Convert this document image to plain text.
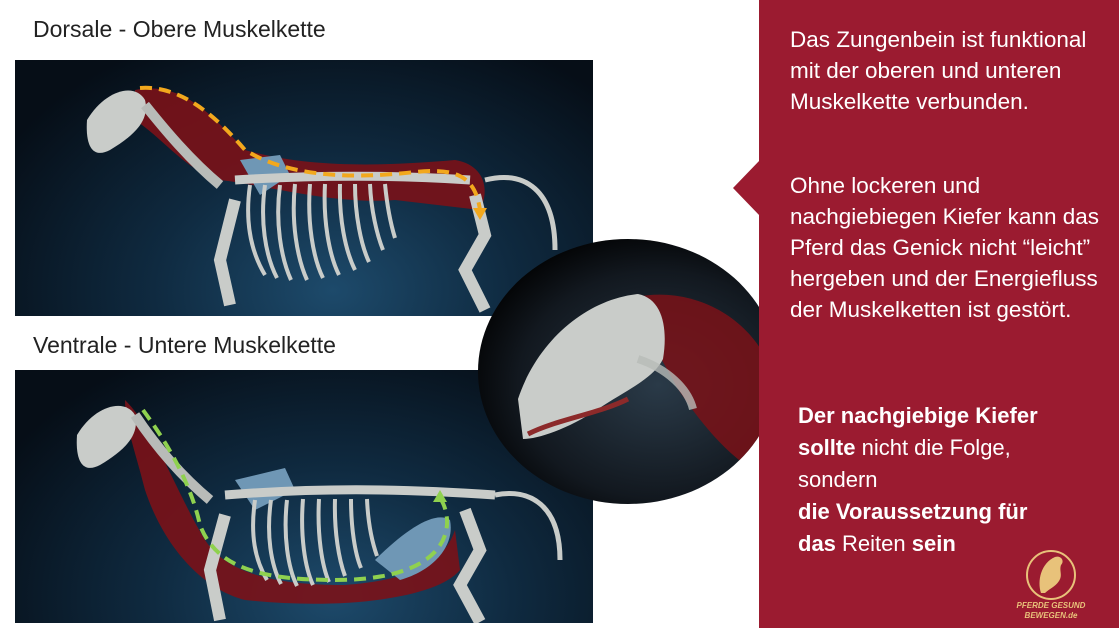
Dorsale - Obere Muskelkette
Ventrale - Untere Muskelkette
Das Zungenbein ist funktional mit der oberen und unteren Muskelkette verbunden.
Ohne lockeren und nachgiebiegen Kiefer kann das Pferd das Genick nicht “leicht” hergeben und der Energiefluss der Muskelketten ist gestört.
Der nachgiebige Kiefer
sollte nicht die Folge,
sondern
die Voraussetzung für
das Reiten sein
PFERDE GESUND
BEWEGEN.de
